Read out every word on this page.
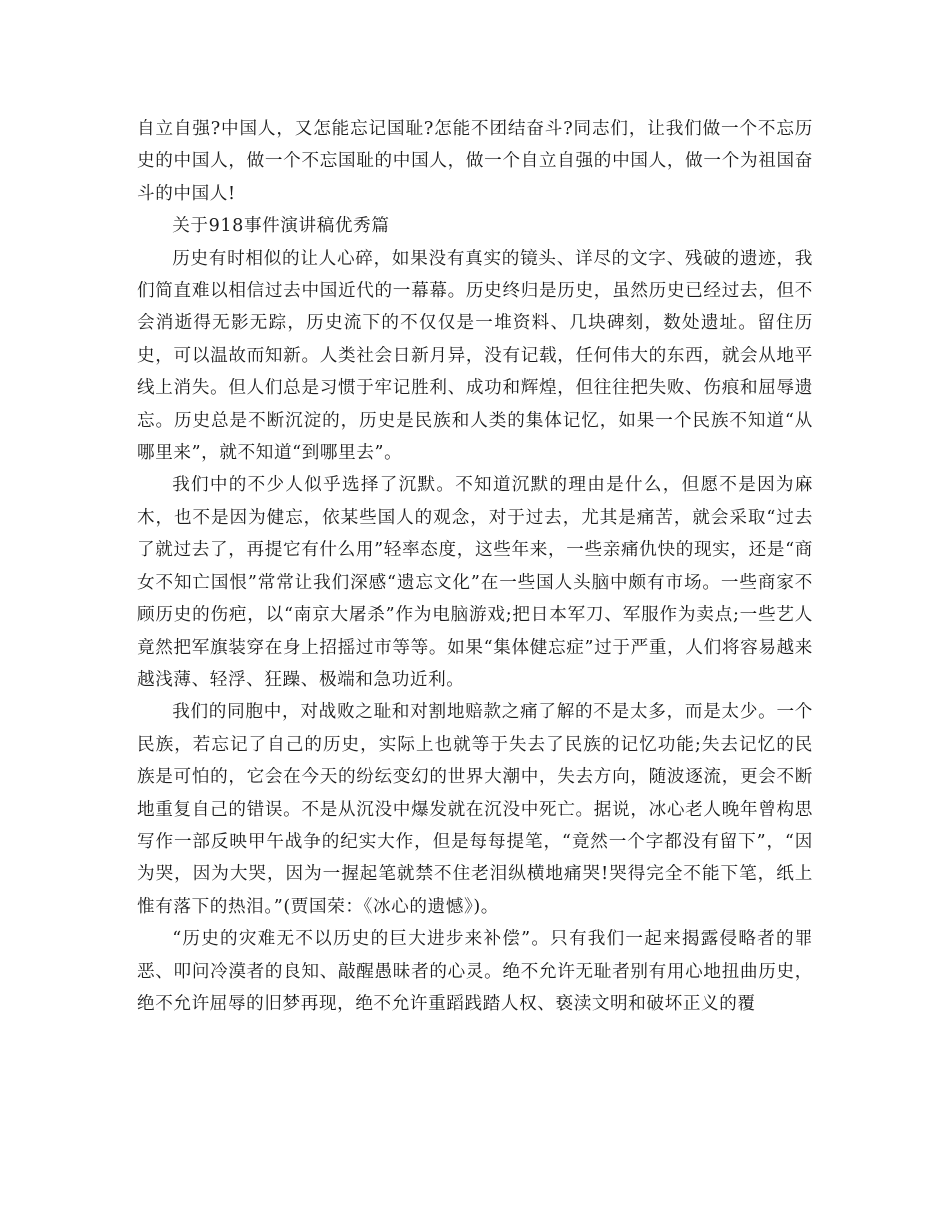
自立自强?中国人，又怎能忘记国耻?怎能不团结奋斗?同志们，让我们做一个不忘历史的中国人，做一个不忘国耻的中国人，做一个自立自强的中国人，做一个为祖国奋斗的中国人!

关于918事件演讲稿优秀篇

历史有时相似的让人心碎，如果没有真实的镜头、详尽的文字、残破的遗迹，我们简直难以相信过去中国近代的一幕幕。历史终归是历史，虽然历史已经过去，但不会消逝得无影无踪，历史流下的不仅仅是一堆资料、几块碑刻，数处遗址。留住历史，可以温故而知新。人类社会日新月异，没有记载，任何伟大的东西，就会从地平线上消失。但人们总是习惯于牢记胜利、成功和辉煌，但往往把失败、伤痕和屈辱遗忘。历史总是不断沉淀的，历史是民族和人类的集体记忆，如果一个民族不知道“从哪里来”，就不知道“到哪里去”。

我们中的不少人似乎选择了沉默。不知道沉默的理由是什么，但愿不是因为麻木，也不是因为健忘，依某些国人的观念，对于过去，尤其是痛苦，就会采取“过去了就过去了，再提它有什么用”轻率态度，这些年来，一些亲痛仇快的现实，还是“商女不知亡国恨”常常让我们深感“遗忘文化”在一些国人头脑中颇有市场。一些商家不顾历史的伤疤，以“南京大屠杀”作为电脑游戏;把日本军刀、军服作为卖点;一些艺人竟然把军旗装穿在身上招摇过市等等。如果“集体健忘症”过于严重，人们将容易越来越浅薄、轻浮、狂躁、极端和急功近利。

我们的同胞中，对战败之耻和对割地赔款之痛了解的不是太多，而是太少。一个民族，若忘记了自己的历史，实际上也就等于失去了民族的记忆功能;失去记忆的民族是可怕的，它会在今天的纷纭变幻的世界大潮中，失去方向，随波逐流，更会不断地重复自己的错误。不是从沉没中爆发就在沉没中死亡。据说，冰心老人晚年曾构思写作一部反映甲午战争的纪实大作，但是每每提笔，“竟然一个字都没有留下”，“因为哭，因为大哭，因为一握起笔就禁不住老泪纵横地痛哭!哭得完全不能下笔，纸上惟有落下的热泪。”(贾国荣：《冰心的遗憾》)。

“历史的灾难无不以历史的巨大进步来补偿”。只有我们一起来揭露侵略者的罪恶、叩问冷漠者的良知、敲醒愚昧者的心灵。绝不允许无耻者别有用心地扭曲历史，绝不允许屈辱的旧梦再现，绝不允许重蹈践踏人权、亵渎文明和破坏正义的覆
